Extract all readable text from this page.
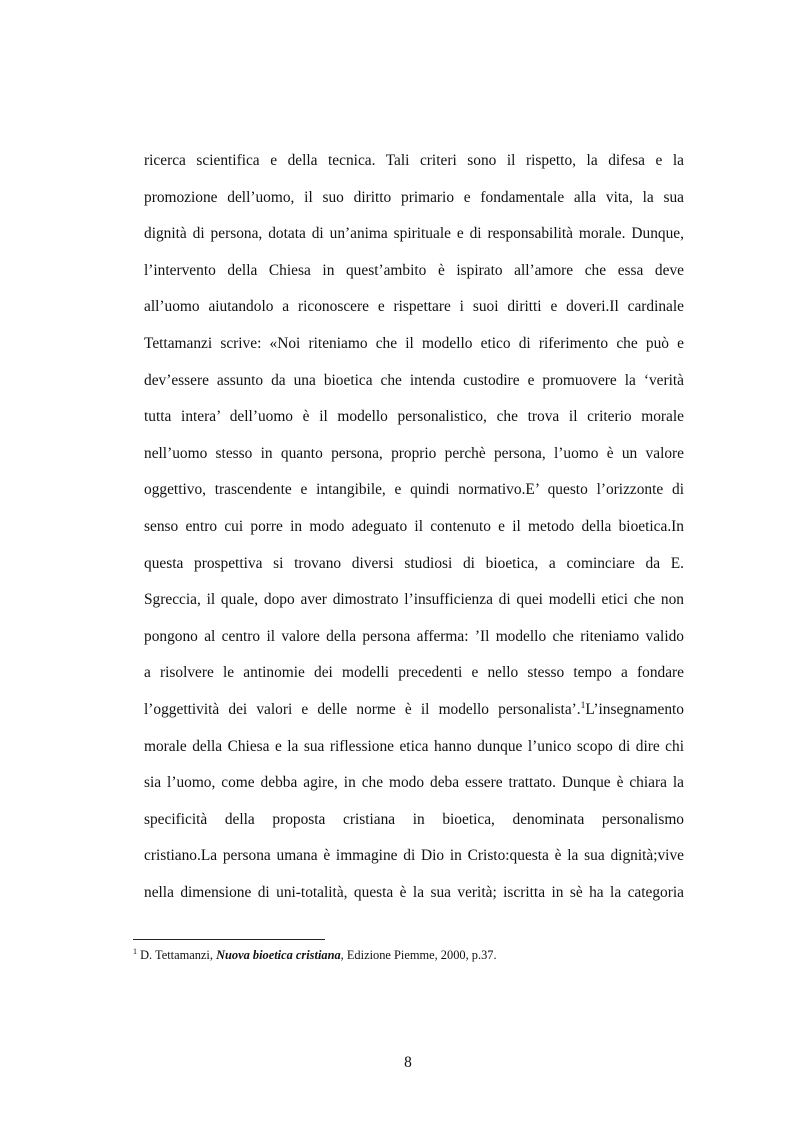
ricerca scientifica e della tecnica. Tali criteri sono il rispetto, la difesa e la
promozione dell’uomo, il suo diritto primario e fondamentale alla vita, la sua
dignità di persona, dotata di un’anima spirituale e di responsabilità morale. Dunque,
l’intervento della Chiesa in quest’ambito è ispirato all’amore che essa deve
all’uomo aiutandolo a riconoscere e rispettare i suoi diritti e doveri.Il cardinale
Tettamanzi scrive: «Noi riteniamo che il modello etico di riferimento che può e
dev’essere assunto da una bioetica che intenda custodire e promuovere la ‘verità
tutta intera’ dell’uomo è il modello personalistico, che trova il criterio morale
nell’uomo stesso in quanto persona, proprio perchè persona, l’uomo è un valore
oggettivo, trascendente e intangibile, e quindi normativo.E’ questo l’orizzonte di
senso entro cui porre in modo adeguato il contenuto e il metodo della bioetica.In
questa prospettiva si trovano diversi studiosi di bioetica, a cominciare da E.
Sgreccia, il quale, dopo aver dimostrato l’insufficienza di quei modelli etici che non
pongono al centro il valore della persona afferma: ’Il modello che riteniamo valido
a risolvere le antinomie dei modelli precedenti e nello stesso tempo a fondare
l’oggettività dei valori e delle norme è il modello personalista’.$^1$L’insegnamento
morale della Chiesa e la sua riflessione etica hanno dunque l’unico scopo di dire chi
sia l’uomo, come debba agire, in che modo deba essere trattato. Dunque è chiara la
specificità della proposta cristiana in bioetica, denominata personalismo
cristiano.La persona umana è immagine di Dio in Cristo:questa è la sua dignità;vive
nella dimensione di uni-totalità, questa è la sua verità; iscritta in sè ha la categoria
$^1$ D. Tettamanzi, Nuova bioetica cristiana, Edizione Piemme, 2000, p.37.
8
